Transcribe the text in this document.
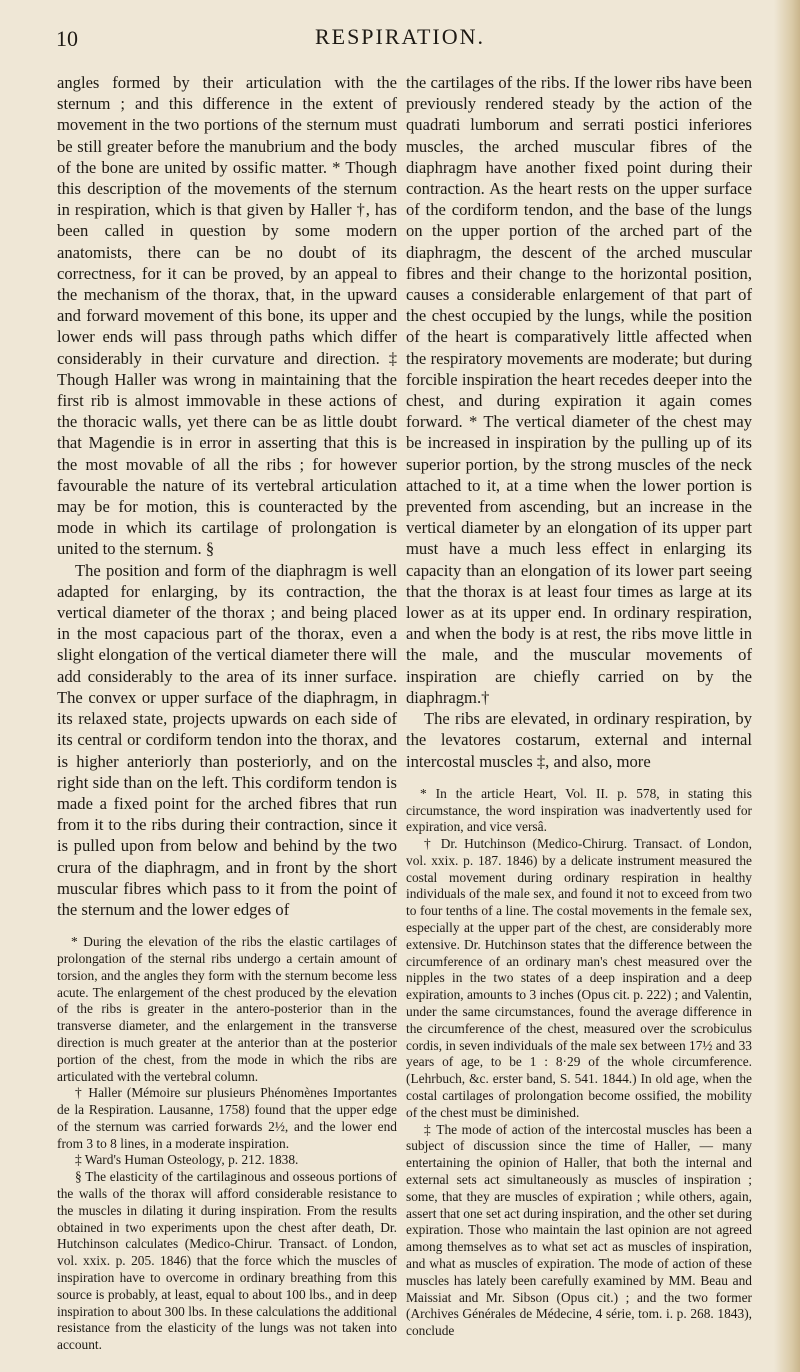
10	RESPIRATION.

angles formed by their articulation with the sternum ; and this difference in the extent of movement in the two portions of the sternum must be still greater before the manubrium and the body of the bone are united by ossific matter. * Though this description of the movements of the sternum in respiration, which is that given by Haller †, has been called in question by some modern anatomists, there can be no doubt of its correctness, for it can be proved, by an appeal to the mechanism of the thorax, that, in the upward and forward movement of this bone, its upper and lower ends will pass through paths which differ considerably in their curvature and direction. ‡ Though Haller was wrong in maintaining that the first rib is almost immovable in these actions of the thoracic walls, yet there can be as little doubt that Magendie is in error in asserting that this is the most movable of all the ribs ; for however favourable the nature of its vertebral articulation may be for motion, this is counteracted by the mode in which its cartilage of prolongation is united to the sternum. §

The position and form of the diaphragm is well adapted for enlarging, by its contraction, the vertical diameter of the thorax ; and being placed in the most capacious part of the thorax, even a slight elongation of the vertical diameter there will add considerably to the area of its inner surface. The convex or upper surface of the diaphragm, in its relaxed state, projects upwards on each side of its central or cordiform tendon into the thorax, and is higher anteriorly than posteriorly, and on the right side than on the left. This cordiform tendon is made a fixed point for the arched fibres that run from it to the ribs during their contraction, since it is pulled upon from below and behind by the two crura of the diaphragm, and in front by the short muscular fibres which pass to it from the point of the sternum and the lower edges of

* During the elevation of the ribs the elastic cartilages of prolongation of the sternal ribs undergo a certain amount of torsion, and the angles they form with the sternum become less acute. The enlargement of the chest produced by the elevation of the ribs is greater in the antero-posterior than in the transverse diameter, and the enlargement in the transverse direction is much greater at the anterior than at the posterior portion of the chest, from the mode in which the ribs are articulated with the vertebral column.

† Haller (Mémoire sur plusieurs Phénomènes Importantes de la Respiration. Lausanne, 1758) found that the upper edge of the sternum was carried forwards 2½, and the lower end from 3 to 8 lines, in a moderate inspiration.

‡ Ward's Human Osteology, p. 212. 1838.

§ The elasticity of the cartilaginous and osseous portions of the walls of the thorax will afford considerable resistance to the muscles in dilating it during inspiration. From the results obtained in two experiments upon the chest after death, Dr. Hutchinson calculates (Medico-Chirur. Transact. of London, vol. xxix. p. 205. 1846) that the force which the muscles of inspiration have to overcome in ordinary breathing from this source is probably, at least, equal to about 100 lbs., and in deep inspiration to about 300 lbs. In these calculations the additional resistance from the elasticity of the lungs was not taken into account.

the cartilages of the ribs. If the lower ribs have been previously rendered steady by the action of the quadrati lumborum and serrati postici inferiores muscles, the arched muscular fibres of the diaphragm have another fixed point during their contraction. As the heart rests on the upper surface of the cordiform tendon, and the base of the lungs on the upper portion of the arched part of the diaphragm, the descent of the arched muscular fibres and their change to the horizontal position, causes a considerable enlargement of that part of the chest occupied by the lungs, while the position of the heart is comparatively little affected when the respiratory movements are moderate; but during forcible inspiration the heart recedes deeper into the chest, and during expiration it again comes forward. * The vertical diameter of the chest may be increased in inspiration by the pulling up of its superior portion, by the strong muscles of the neck attached to it, at a time when the lower portion is prevented from ascending, but an increase in the vertical diameter by an elongation of its upper part must have a much less effect in enlarging its capacity than an elongation of its lower part seeing that the thorax is at least four times as large at its lower as at its upper end. In ordinary respiration, and when the body is at rest, the ribs move little in the male, and the muscular movements of inspiration are chiefly carried on by the diaphragm.†

The ribs are elevated, in ordinary respiration, by the levatores costarum, external and internal intercostal muscles ‡, and also, more

* In the article Heart, Vol. II. p. 578, in stating this circumstance, the word inspiration was inadvertently used for expiration, and vice versâ.

† Dr. Hutchinson (Medico-Chirurg. Transact. of London, vol. xxix. p. 187. 1846) by a delicate instrument measured the costal movement during ordinary respiration in healthy individuals of the male sex, and found it not to exceed from two to four tenths of a line. The costal movements in the female sex, especially at the upper part of the chest, are considerably more extensive. Dr. Hutchinson states that the difference between the circumference of an ordinary man's chest measured over the nipples in the two states of a deep inspiration and a deep expiration, amounts to 3 inches (Opus cit. p. 222) ; and Valentin, under the same circumstances, found the average difference in the circumference of the chest, measured over the scrobiculus cordis, in seven individuals of the male sex between 17½ and 33 years of age, to be 1 : 8·29 of the whole circumference. (Lehrbuch, &c. erster band, S. 541. 1844.) In old age, when the costal cartilages of prolongation become ossified, the mobility of the chest must be diminished.

‡ The mode of action of the intercostal muscles has been a subject of discussion since the time of Haller, — many entertaining the opinion of Haller, that both the internal and external sets act simultaneously as muscles of inspiration ; some, that they are muscles of expiration ; while others, again, assert that one set act during inspiration, and the other set during expiration. Those who maintain the last opinion are not agreed among themselves as to what set act as muscles of inspiration, and what as muscles of expiration. The mode of action of these muscles has lately been carefully examined by MM. Beau and Maissiat and Mr. Sibson (Opus cit.) ; and the two former (Archives Générales de Médecine, 4 série, tom. i. p. 268. 1843), conclude
